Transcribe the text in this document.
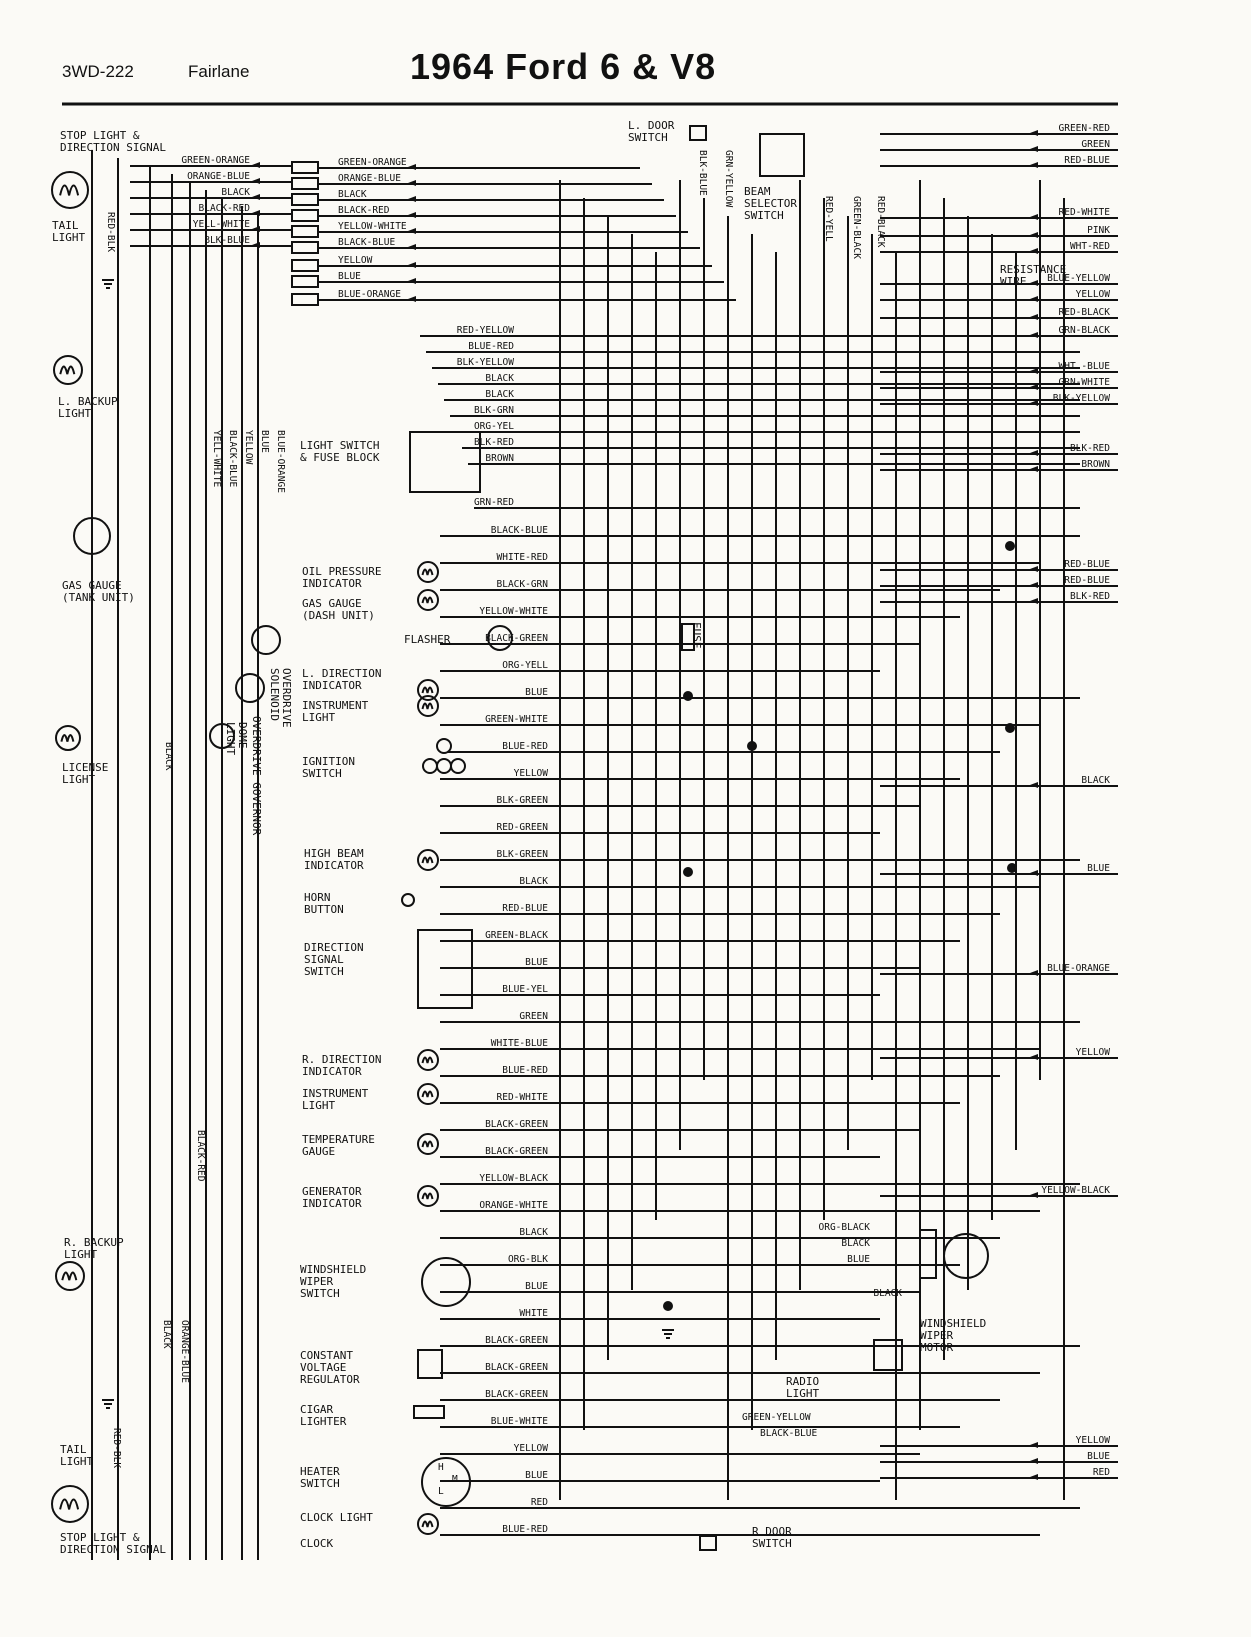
3WD-222	Fairlane	1964 Ford 6 & V8
GREEN-ORANGE
ORANGE-BLUE
BLACK
BLACK-RED
YELL-WHITE
BLK-BLUE
GREEN-ORANGE
ORANGE-BLUE
BLACK
BLACK-RED
YELLOW-WHITE
BLACK-BLUE
YELLOW
BLUE
BLUE-ORANGE
RED-YELLOW
BLUE-RED
BLK-YELLOW
BLACK
BLACK
BLK-GRN
ORG-YEL
BLK-RED
BROWN
GRN-RED
BLACK-BLUE
WHITE-RED
BLACK-GRN
YELLOW-WHITE
BLACK-GREEN
ORG-YELL
BLUE
GREEN-WHITE
BLUE-RED
YELLOW
BLK-GREEN
RED-GREEN
BLK-GREEN
BLACK
RED-BLUE
GREEN-BLACK
BLUE
BLUE-YEL
GREEN
WHITE-BLUE
BLUE-RED
RED-WHITE
BLACK-GREEN
BLACK-GREEN
YELLOW-BLACK
ORANGE-WHITE
BLACK
ORG-BLK
BLUE
WHITE
BLACK-GREEN
BLACK-GREEN
BLACK-GREEN
BLUE-WHITE
YELLOW
BLUE
RED
BLUE-RED
GREEN-RED
GREEN
RED-BLUE
RED-WHITE
PINK
WHT-RED
BLUE-YELLOW
YELLOW
RED-BLACK
GRN-BLACK
WHT.-BLUE
GRN-WHITE
BLK-YELLOW
BLK-RED
BROWN
RED-BLUE
RED-BLUE
BLK-RED
BLACK
BLUE
BLUE-ORANGE
YELLOW
YELLOW-BLACK
YELLOW
BLUE
RED
BLK-BLUE GRN-YELLOW
RED-YELL GREEN-BLACK RED-BLACK
RED-BLK
YELL-WHITE BLACK-BLUE YELLOW BLUE BLUE-ORANGE
BLACK
BLACK-RED
ORANGE-BLUE
BLACK
RED-BLK
ORG-BLACK
BLACK
BLUE
BLACK
GREEN-YELLOW
BLACK-BLUE
H
M
L
STOP LIGHT &
DIRECTION SIGNAL
TAIL
LIGHT
L. BACKUP
LIGHT
GAS GAUGE
(TANK UNIT)
LICENSE
LIGHT
R. BACKUP
LIGHT
TAIL
LIGHT
STOP LIGHT &
DIRECTION SIGNAL
LIGHT SWITCH
& FUSE BLOCK
OIL PRESSURE
INDICATOR
GAS GAUGE
(DASH UNIT)
FLASHER
L. DIRECTION
INDICATOR
INSTRUMENT
LIGHT
IGNITION
SWITCH
HIGH BEAM
INDICATOR
HORN
BUTTON
DIRECTION
SIGNAL
SWITCH
R. DIRECTION
INDICATOR
INSTRUMENT
LIGHT
TEMPERATURE
GAUGE
GENERATOR
INDICATOR
WINDSHIELD
WIPER
SWITCH
CONSTANT
VOLTAGE
REGULATOR
CIGAR
LIGHTER
HEATER
SWITCH
CLOCK LIGHT
CLOCK
L. DOOR
SWITCH
BEAM
SELECTOR
SWITCH
RESISTANCE
WIRE
WINDSHIELD
WIPER
MOTOR
RADIO
LIGHT
R DOOR
SWITCH
FUSE
DOME
LIGHT
OVERDRIVE
SOLENOID
OVERDRIVE GOVERNOR
